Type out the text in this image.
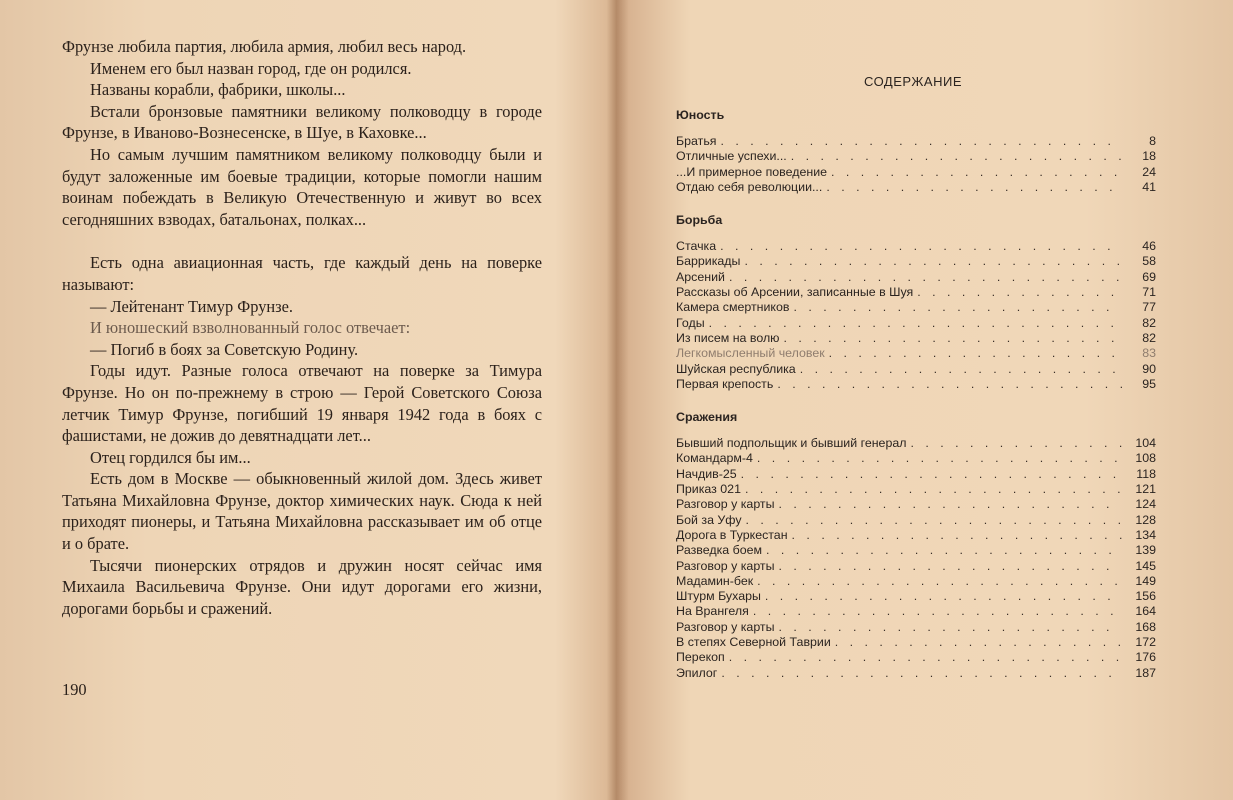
Фрунзе любила партия, любила армия, любил весь народ.

Именем его был назван город, где он родился.

Названы корабли, фабрики, школы...

Встали бронзовые памятники великому полководцу в городе Фрунзе, в Иваново-Вознесенске, в Шуе, в Каховке...

Но самым лучшим памятником великому полководцу были и будут заложенные им боевые традиции, которые помогли нашим воинам побеждать в Великую Отечественную и живут во всех сегодняшних взводах, батальонах, полках...

Есть одна авиационная часть, где каждый день на поверке называют:

— Лейтенант Тимур Фрунзе.

И юношеский взволнованный голос отвечает:

— Погиб в боях за Советскую Родину.

Годы идут. Разные голоса отвечают на поверке за Тимура Фрунзе. Но он по-прежнему в строю — Герой Советского Союза летчик Тимур Фрунзе, погибший 19 января 1942 года в боях с фашистами, не дожив до девятнадцати лет...

Отец гордился бы им...

Есть дом в Москве — обыкновенный жилой дом. Здесь живет Татьяна Михайловна Фрунзе, доктор химических наук. Сюда к ней приходят пионеры, и Татьяна Михайловна рассказывает им об отце и о брате.

Тысячи пионерских отрядов и дружин носят сейчас имя Михаила Васильевича Фрунзе. Они идут дорогами его жизни, дорогами борьбы и сражений.

190
СОДЕРЖАНИЕ
Юность
Братья . . .	8
Отличные успехи... . . .	18
...И примерное поведение . . .	24
Отдаю себя революции... . . .	41
Борьба
Стачка . . .	46
Баррикады . . .	58
Арсений . . .	69
Рассказы об Арсении, записанные в Шуя . . .	71
Камера смертников . . .	77
Годы . . .	82
Из писем на волю . . .	82
Легкомысленный человек . . .	83
Шуйская республика . . .	90
Первая крепость . . .	95
Сражения
Бывший подпольщик и бывший генерал . . .	104
Командарм-4 . . .	108
Начдив-25 . . .	118
Приказ 021 . . .	121
Разговор у карты . . .	124
Бой за Уфу . . .	128
Дорога в Туркестан . . .	134
Разведка боем . . .	139
Разговор у карты . . .	145
Мадамин-бек . . .	149
Штурм Бухары . . .	156
На Врангеля . . .	164
Разговор у карты . . .	168
В степях Северной Таврии . . .	172
Перекоп . . .	176
Эпилог . . .	187
